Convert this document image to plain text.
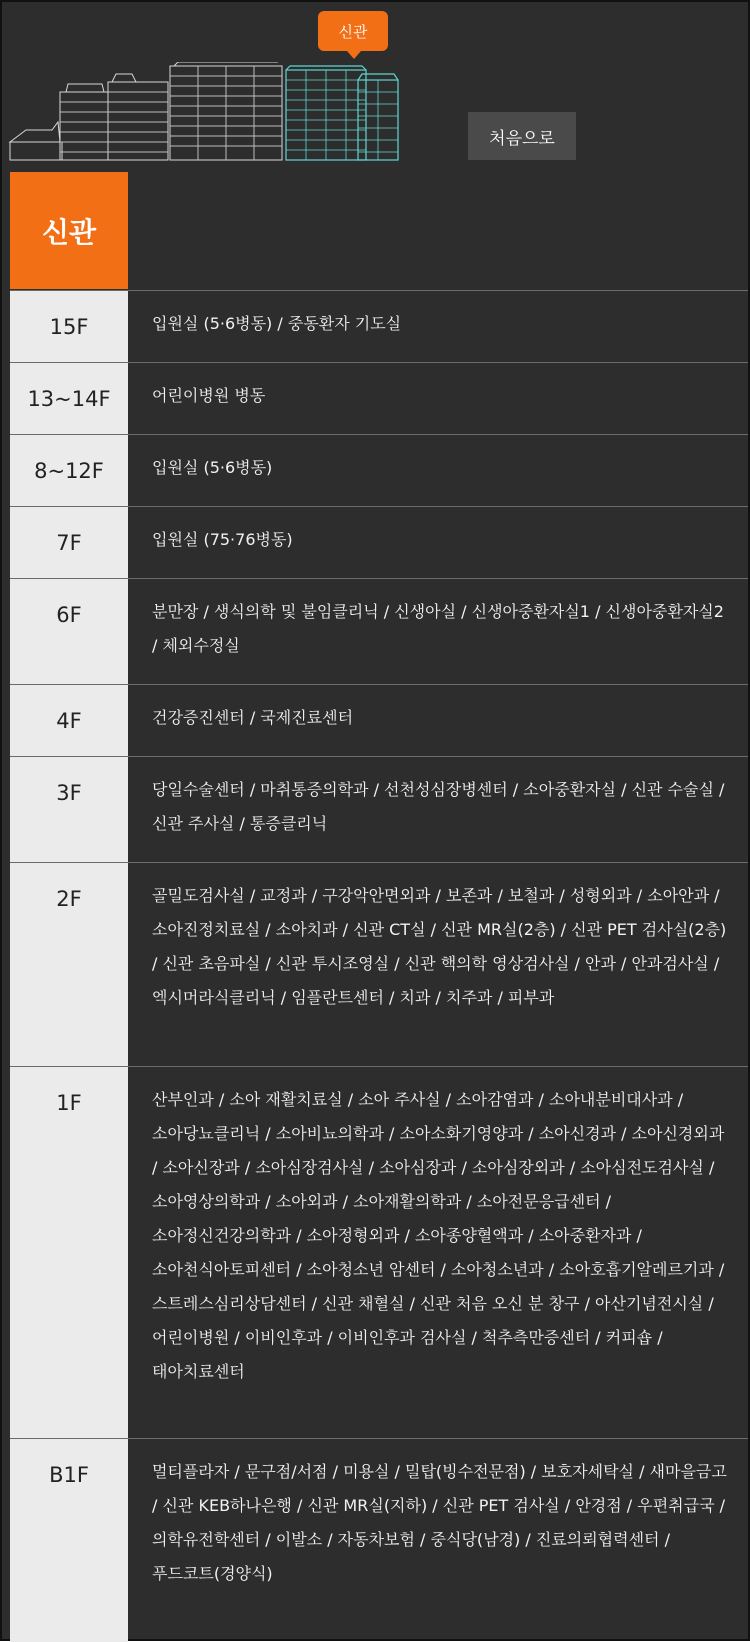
신관
처음으로
신관
15F	입원실 (5·6병동) / 중동환자 기도실
13~14F	어린이병원 병동
8~12F	입원실 (5·6병동)
7F	입원실 (75·76병동)
6F	분만장 / 생식의학 및 불임클리닉 / 신생아실 / 신생아중환자실1 / 신생아중환자실2 / 체외수정실
4F	건강증진센터 / 국제진료센터
3F	당일수술센터 / 마취통증의학과 / 선천성심장병센터 / 소아중환자실 / 신관 수술실 / 신관 주사실 / 통증클리닉
2F	골밀도검사실 / 교정과 / 구강악안면외과 / 보존과 / 보철과 / 성형외과 / 소아안과 / 소아진정치료실 / 소아치과 / 신관 CT실 / 신관 MR실(2층) / 신관 PET 검사실(2층) / 신관 초음파실 / 신관 투시조영실 / 신관 핵의학 영상검사실 / 안과 / 안과검사실 / 엑시머라식클리닉 / 임플란트센터 / 치과 / 치주과 / 피부과
1F	산부인과 / 소아 재활치료실 / 소아 주사실 / 소아감염과 / 소아내분비대사과 / 소아당뇨클리닉 / 소아비뇨의학과 / 소아소화기영양과 / 소아신경과 / 소아신경외과 / 소아신장과 / 소아심장검사실 / 소아심장과 / 소아심장외과 / 소아심전도검사실 / 소아영상의학과 / 소아외과 / 소아재활의학과 / 소아전문응급센터 / 소아정신건강의학과 / 소아정형외과 / 소아종양혈액과 / 소아중환자과 / 소아천식아토피센터 / 소아청소년 암센터 / 소아청소년과 / 소아호흡기알레르기과 / 스트레스심리상담센터 / 신관 채혈실 / 신관 처음 오신 분 창구 / 아산기념전시실 / 어린이병원 / 이비인후과 / 이비인후과 검사실 / 척추측만증센터 / 커피숍 / 태아치료센터
B1F	멀티플라자 / 문구점/서점 / 미용실 / 밀탑(빙수전문점) / 보호자세탁실 / 새마을금고 / 신관 KEB하나은행 / 신관 MR실(지하) / 신관 PET 검사실 / 안경점 / 우편취급국 / 의학유전학센터 / 이발소 / 자동차보험 / 중식당(남경) / 진료의뢰협력센터 / 푸드코트(경양식)
